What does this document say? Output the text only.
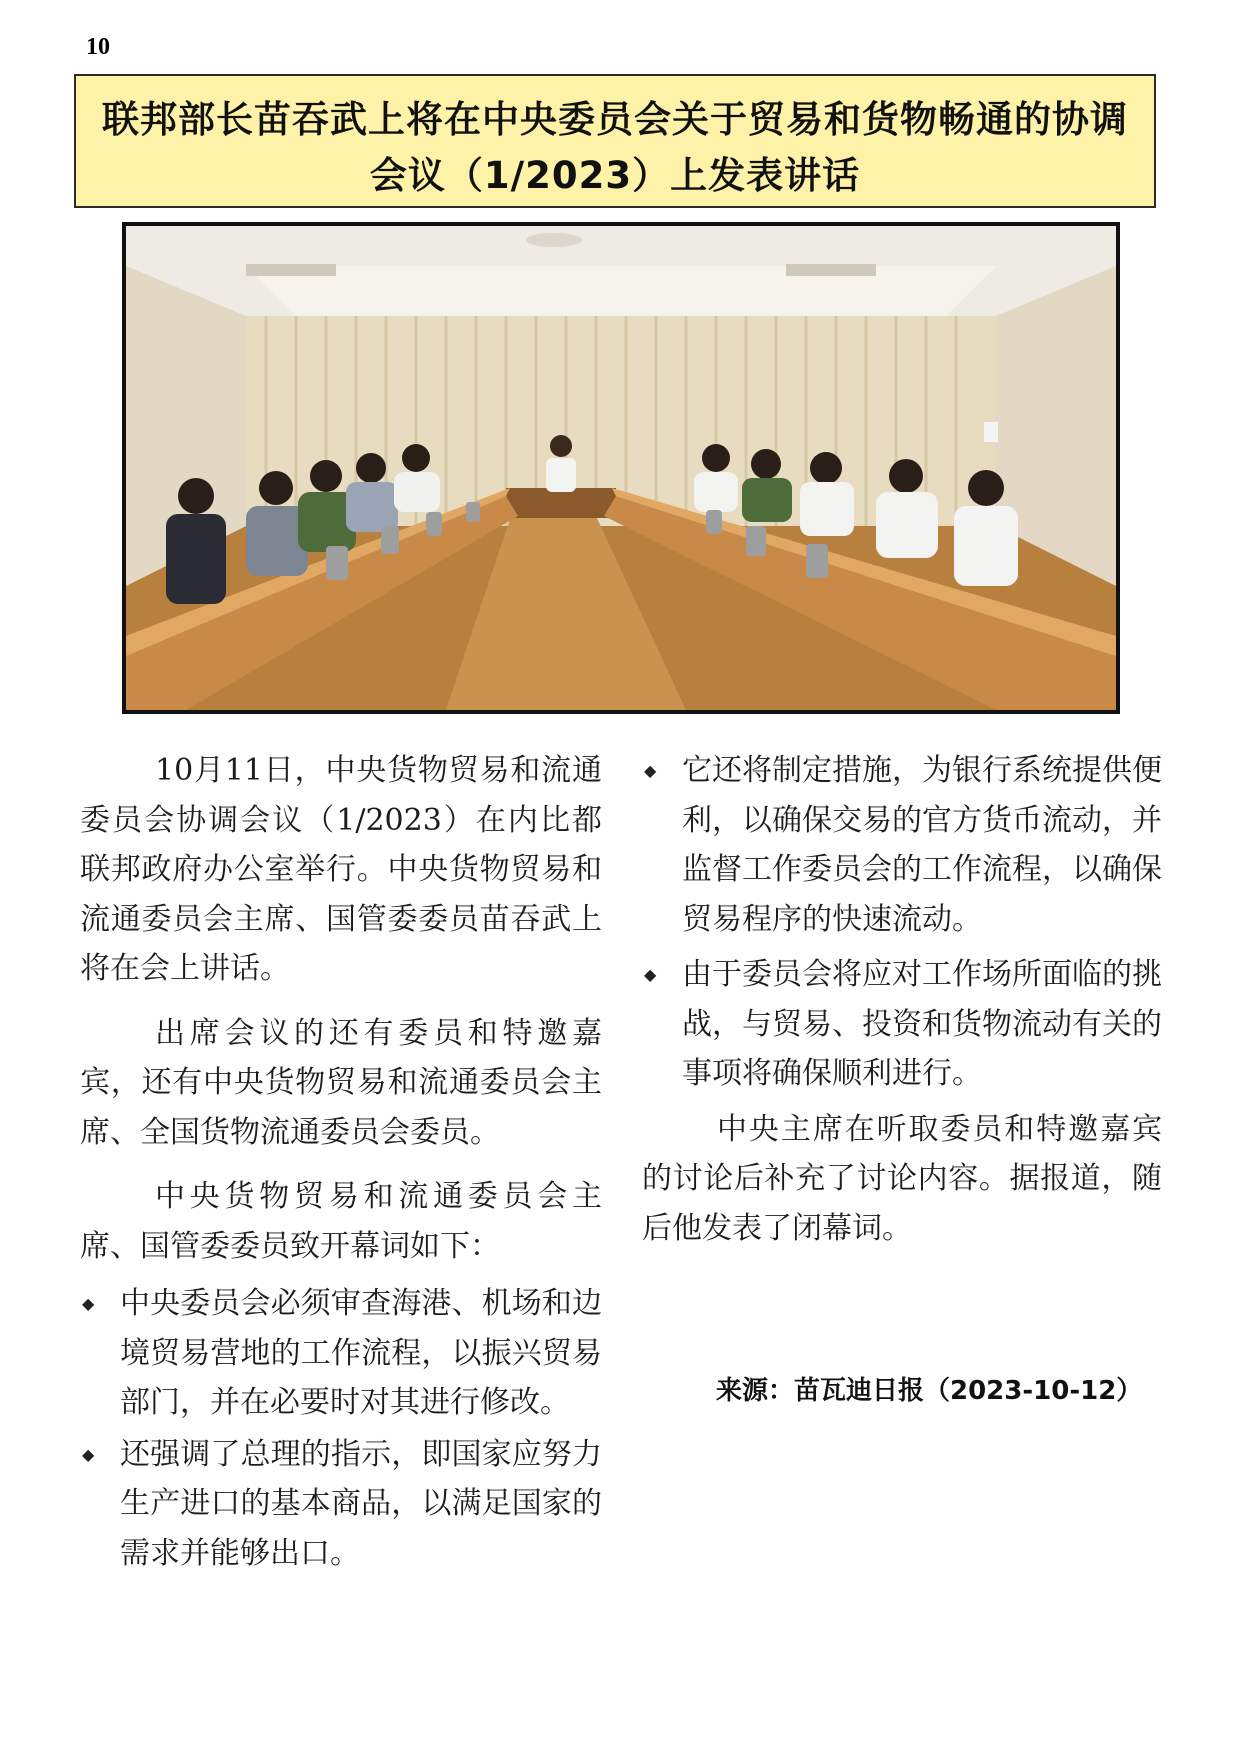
10
联邦部长苗吞武上将在中央委员会关于贸易和货物畅通的协调会议（1/2023）上发表讲话

10月11日，中央货物贸易和流通委员会协调会议（1/2023）在内比都联邦政府办公室举行。中央货物贸易和流通委员会主席、国管委委员苗吞武上将在会上讲话。

出席会议的还有委员和特邀嘉宾，还有中央货物贸易和流通委员会主席、全国货物流通委员会委员。

中央货物贸易和流通委员会主席、国管委委员致开幕词如下：

◆ 中央委员会必须审查海港、机场和边境贸易营地的工作流程，以振兴贸易部门，并在必要时对其进行修改。
◆ 还强调了总理的指示，即国家应努力生产进口的基本商品，以满足国家的需求并能够出口。
◆ 它还将制定措施，为银行系统提供便利，以确保交易的官方货币流动，并监督工作委员会的工作流程，以确保贸易程序的快速流动。
◆ 由于委员会将应对工作场所面临的挑战，与贸易、投资和货物流动有关的事项将确保顺利进行。

中央主席在听取委员和特邀嘉宾的讨论后补充了讨论内容。据报道，随后他发表了闭幕词。

来源：苗瓦迪日报（2023-10-12）
